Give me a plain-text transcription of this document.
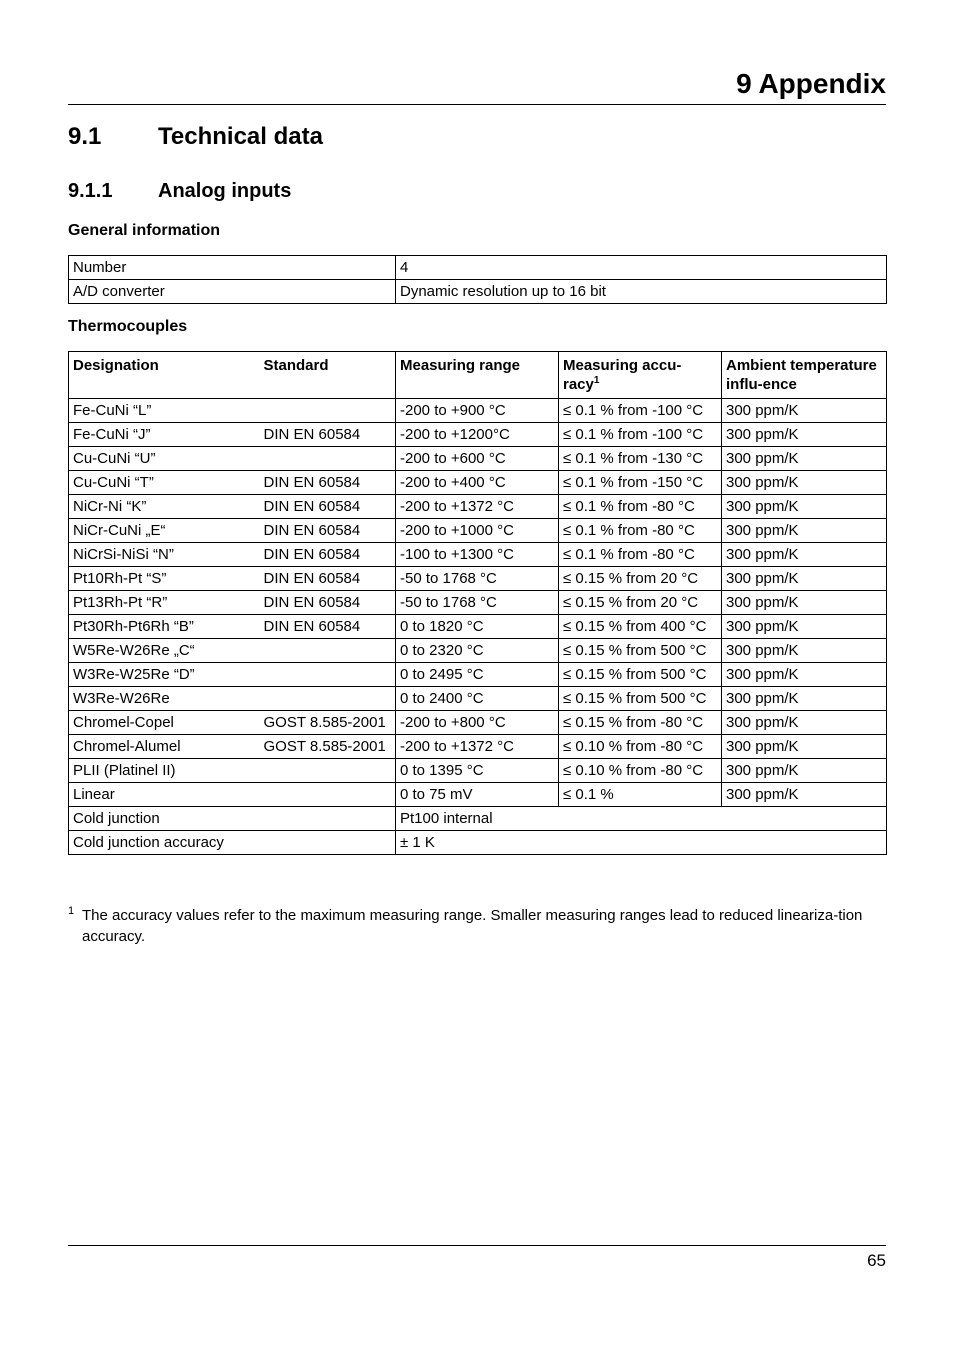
9 Appendix
9.1 Technical data
9.1.1 Analog inputs
General information
Number	4
A/D converter	Dynamic resolution up to 16 bit
Thermocouples
Designation	Standard	Measuring range	Measuring accu-racy$^1$	Ambient temperature influ-ence
Fe-CuNi “L”		-200 to +900 °C	≤ 0.1 % from -100 °C	300 ppm/K
Fe-CuNi “J”	DIN EN 60584	-200 to +1200°C	≤ 0.1 % from -100 °C	300 ppm/K
Cu-CuNi “U”		-200 to +600 °C	≤ 0.1 % from -130 °C	300 ppm/K
Cu-CuNi “T”	DIN EN 60584	-200 to +400 °C	≤ 0.1 % from -150 °C	300 ppm/K
NiCr-Ni “K”	DIN EN 60584	-200 to +1372 °C	≤ 0.1 % from -80 °C	300 ppm/K
NiCr-CuNi „E“	DIN EN 60584	-200 to +1000 °C	≤ 0.1 % from -80 °C	300 ppm/K
NiCrSi-NiSi “N”	DIN EN 60584	-100 to +1300 °C	≤ 0.1 % from -80 °C	300 ppm/K
Pt10Rh-Pt “S”	DIN EN 60584	-50 to 1768 °C	≤ 0.15 % from 20 °C	300 ppm/K
Pt13Rh-Pt “R”	DIN EN 60584	-50 to 1768 °C	≤ 0.15 % from 20 °C	300 ppm/K
Pt30Rh-Pt6Rh “B”	DIN EN 60584	0 to 1820 °C	≤ 0.15 % from 400 °C	300 ppm/K
W5Re-W26Re „C“		0 to 2320 °C	≤ 0.15 % from 500 °C	300 ppm/K
W3Re-W25Re “D”		0 to 2495 °C	≤ 0.15 % from 500 °C	300 ppm/K
W3Re-W26Re		0 to 2400 °C	≤ 0.15 % from 500 °C	300 ppm/K
Chromel-Copel	GOST 8.585-2001	-200 to +800 °C	≤ 0.15 % from -80 °C	300 ppm/K
Chromel-Alumel	GOST 8.585-2001	-200 to +1372 °C	≤ 0.10 % from -80 °C	300 ppm/K
PLII (Platinel II)		0 to 1395 °C	≤ 0.10 % from -80 °C	300 ppm/K
Linear		0 to 75 mV	≤ 0.1 %	300 ppm/K
Cold junction		Pt100 internal		
Cold junction accuracy		± 1 K		
1 The accuracy values refer to the maximum measuring range. Smaller measuring ranges lead to reduced lineariza-tion accuracy.
65
